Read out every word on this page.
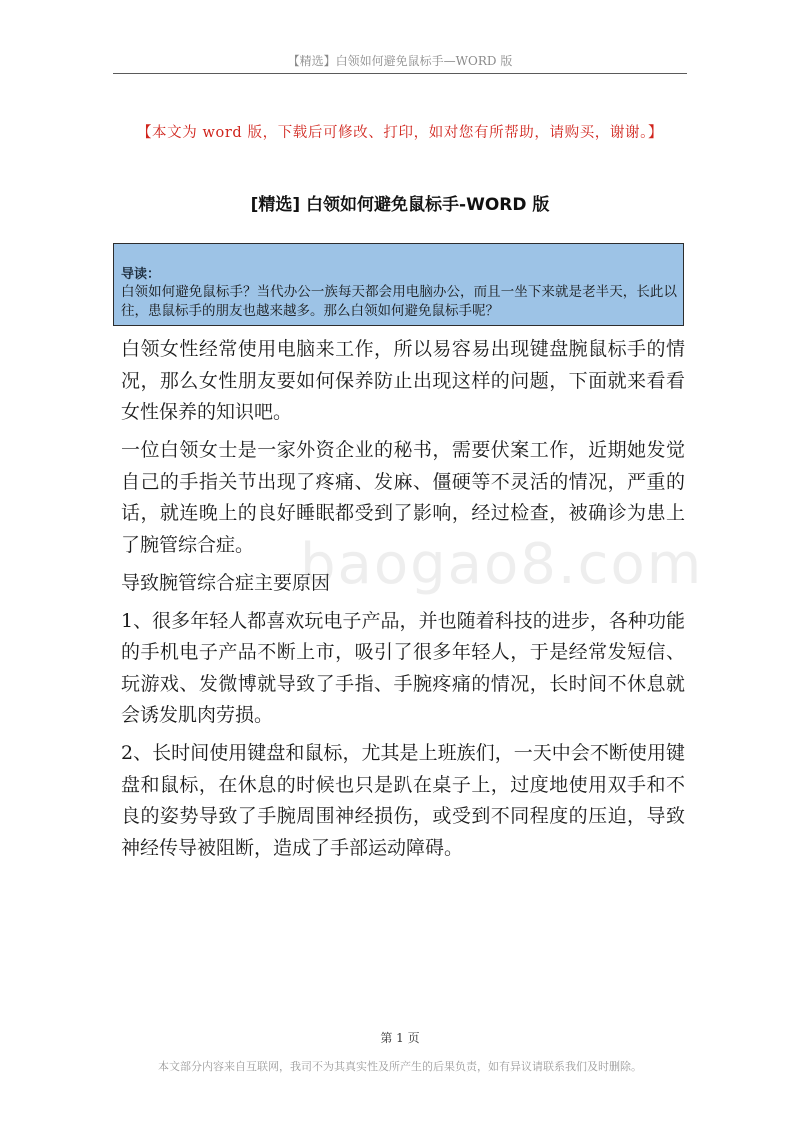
【精选】白领如何避免鼠标手—WORD 版
【本文为 word 版，下载后可修改、打印，如对您有所帮助，请购买，谢谢。】
[精选] 白领如何避免鼠标手-WORD 版
导读：
白领如何避免鼠标手？当代办公一族每天都会用电脑办公，而且一坐下来就是老半天，长此以往，患鼠标手的朋友也越来越多。那么白领如何避免鼠标手呢？

白领女性经常使用电脑来工作，所以易容易出现键盘腕鼠标手的情况，那么女性朋友要如何保养防止出现这样的问题，下面就来看看女性保养的知识吧。

一位白领女士是一家外资企业的秘书，需要伏案工作，近期她发觉自己的手指关节出现了疼痛、发麻、僵硬等不灵活的情况，严重的话，就连晚上的良好睡眠都受到了影响，经过检查，被确诊为患上了腕管综合症。

导致腕管综合症主要原因

1、很多年轻人都喜欢玩电子产品，并也随着科技的进步，各种功能的手机电子产品不断上市，吸引了很多年轻人，于是经常发短信、玩游戏、发微博就导致了手指、手腕疼痛的情况，长时间不休息就会诱发肌肉劳损。

2、长时间使用键盘和鼠标，尤其是上班族们，一天中会不断使用键盘和鼠标，在休息的时候也只是趴在桌子上，过度地使用双手和不良的姿势导致了手腕周围神经损伤，或受到不同程度的压迫，导致神经传导被阻断，造成了手部运动障碍。

baogao8.com
第 1 页
本文部分内容来自互联网，我司不为其真实性及所产生的后果负责，如有异议请联系我们及时删除。
